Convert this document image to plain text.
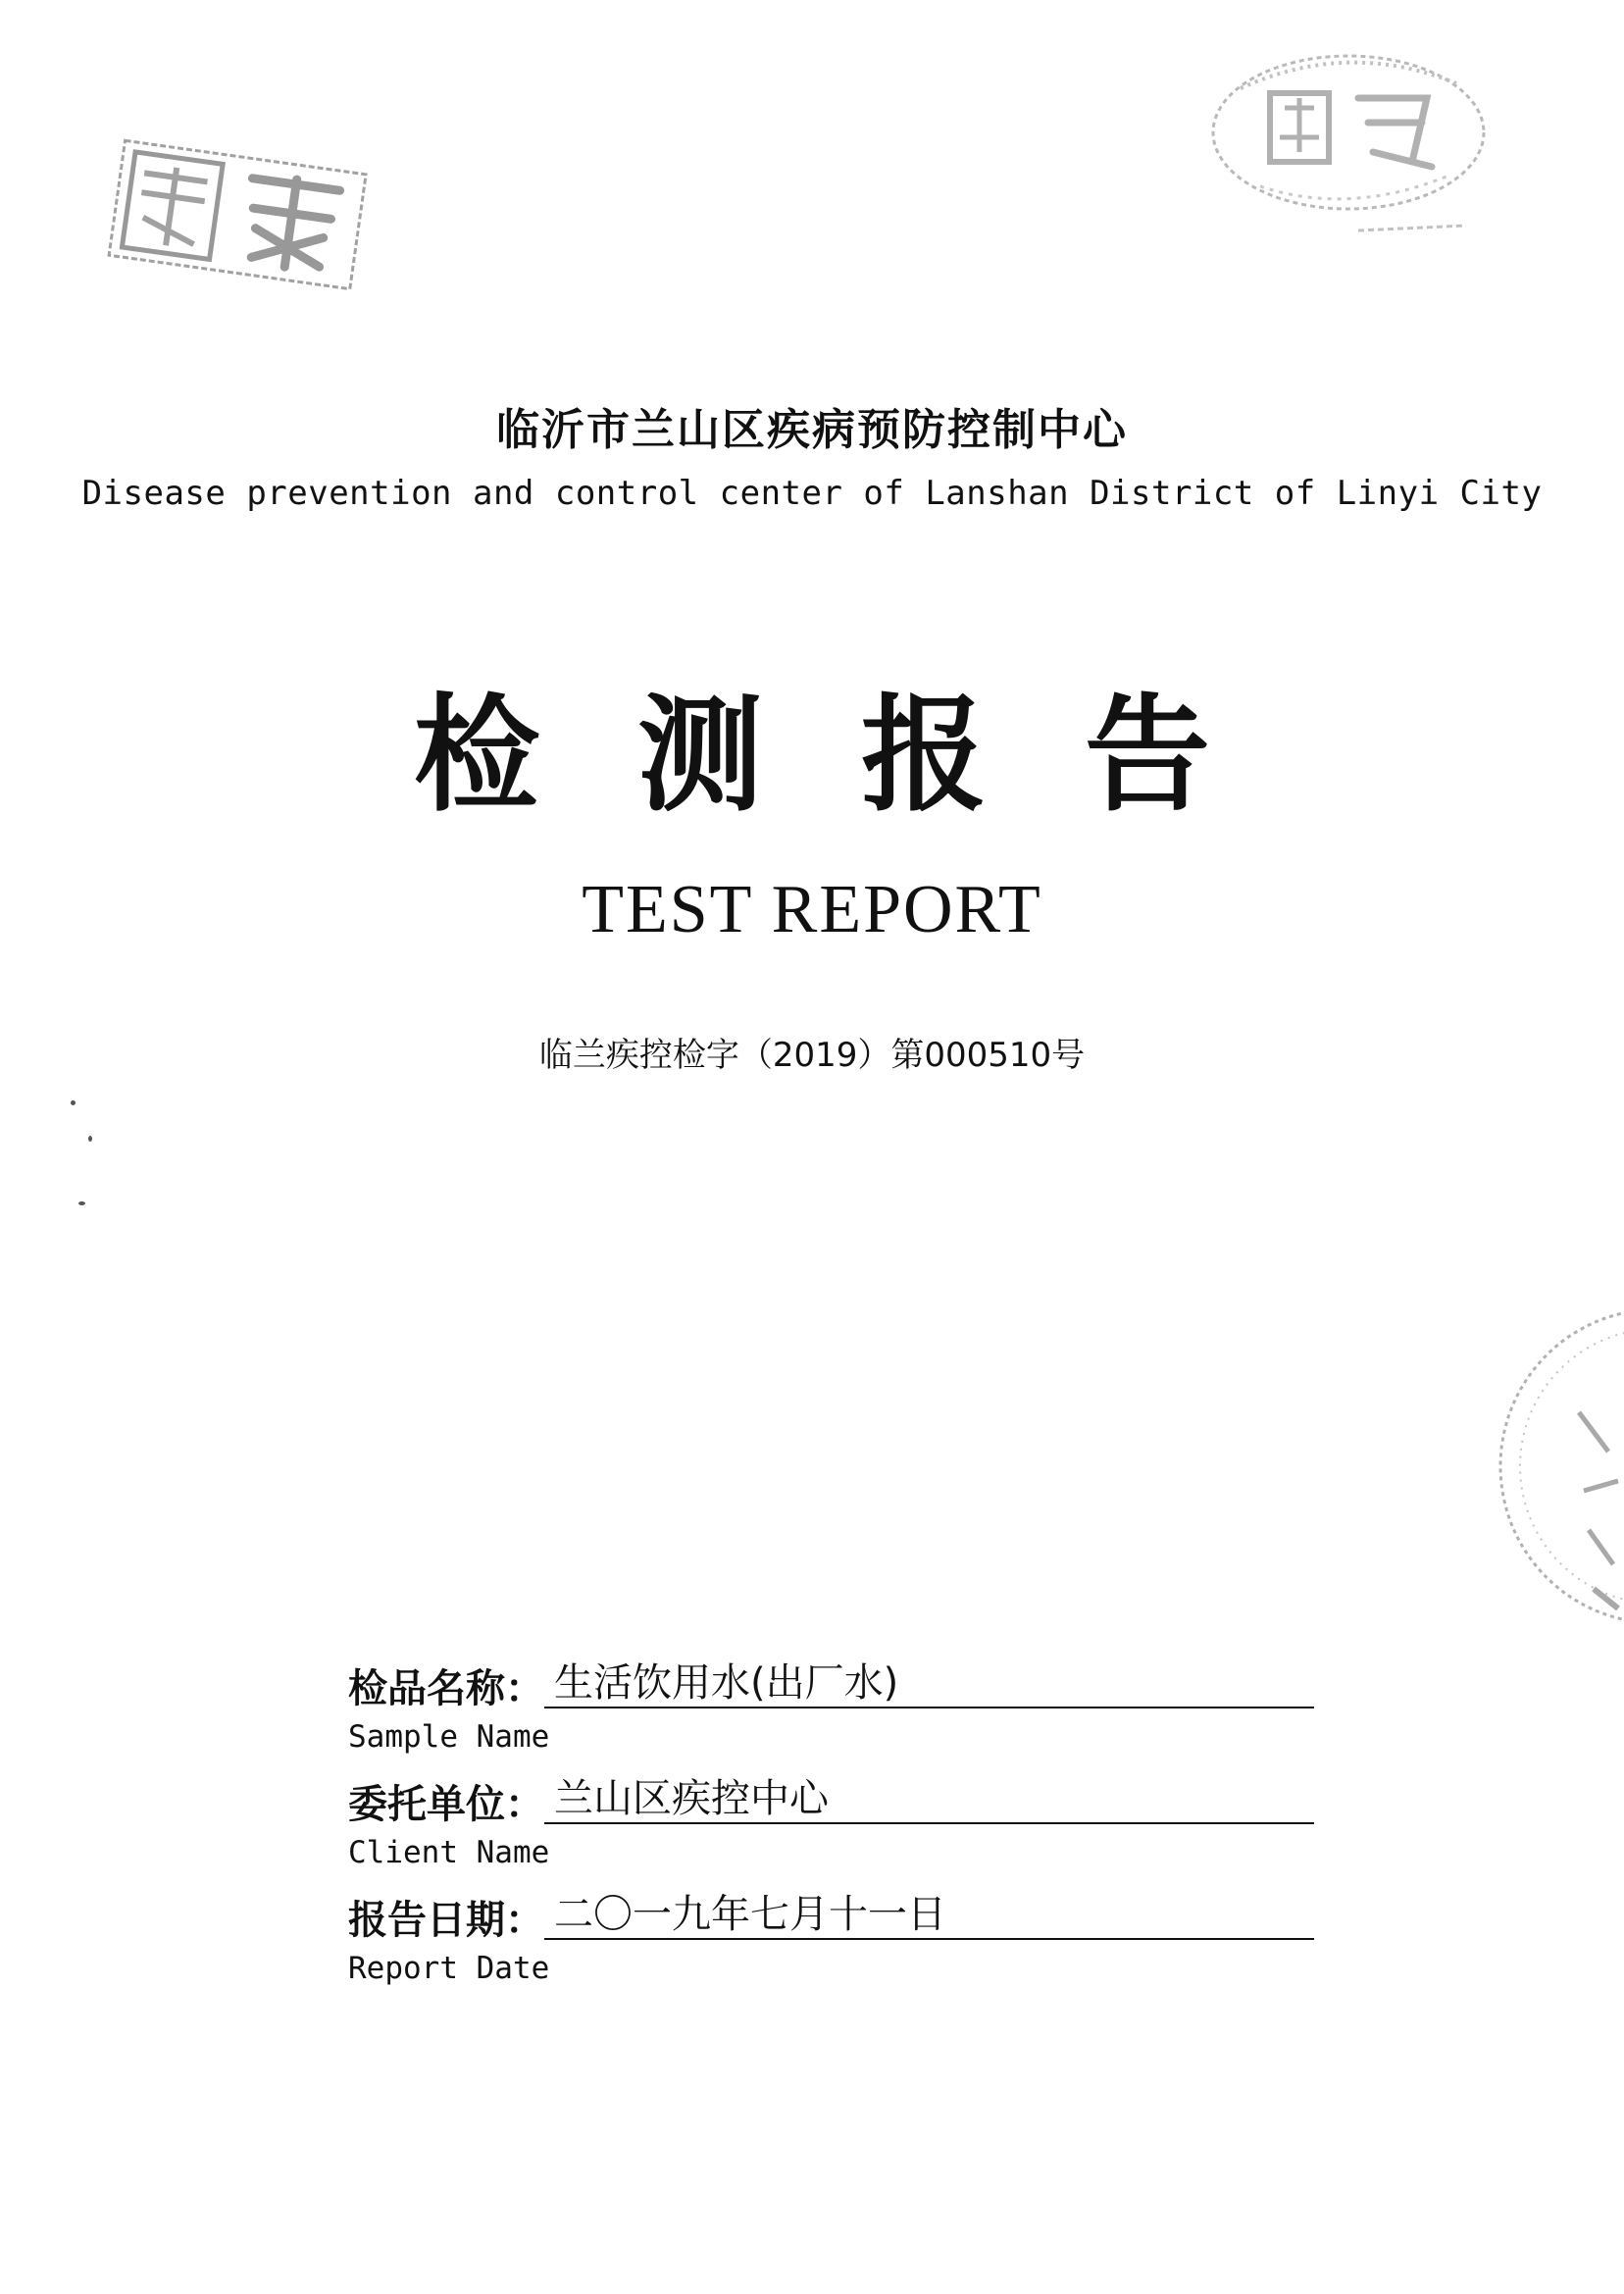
临沂市兰山区疾病预防控制中心
Disease prevention and control center of Lanshan District of Linyi City
检测报告
TEST REPORT
临兰疾控检字（2019）第000510号
检品名称： 生活饮用水(出厂水)
Sample Name
委托单位： 兰山区疾控中心
Client Name
报告日期： 二〇一九年七月十一日
Report Date
